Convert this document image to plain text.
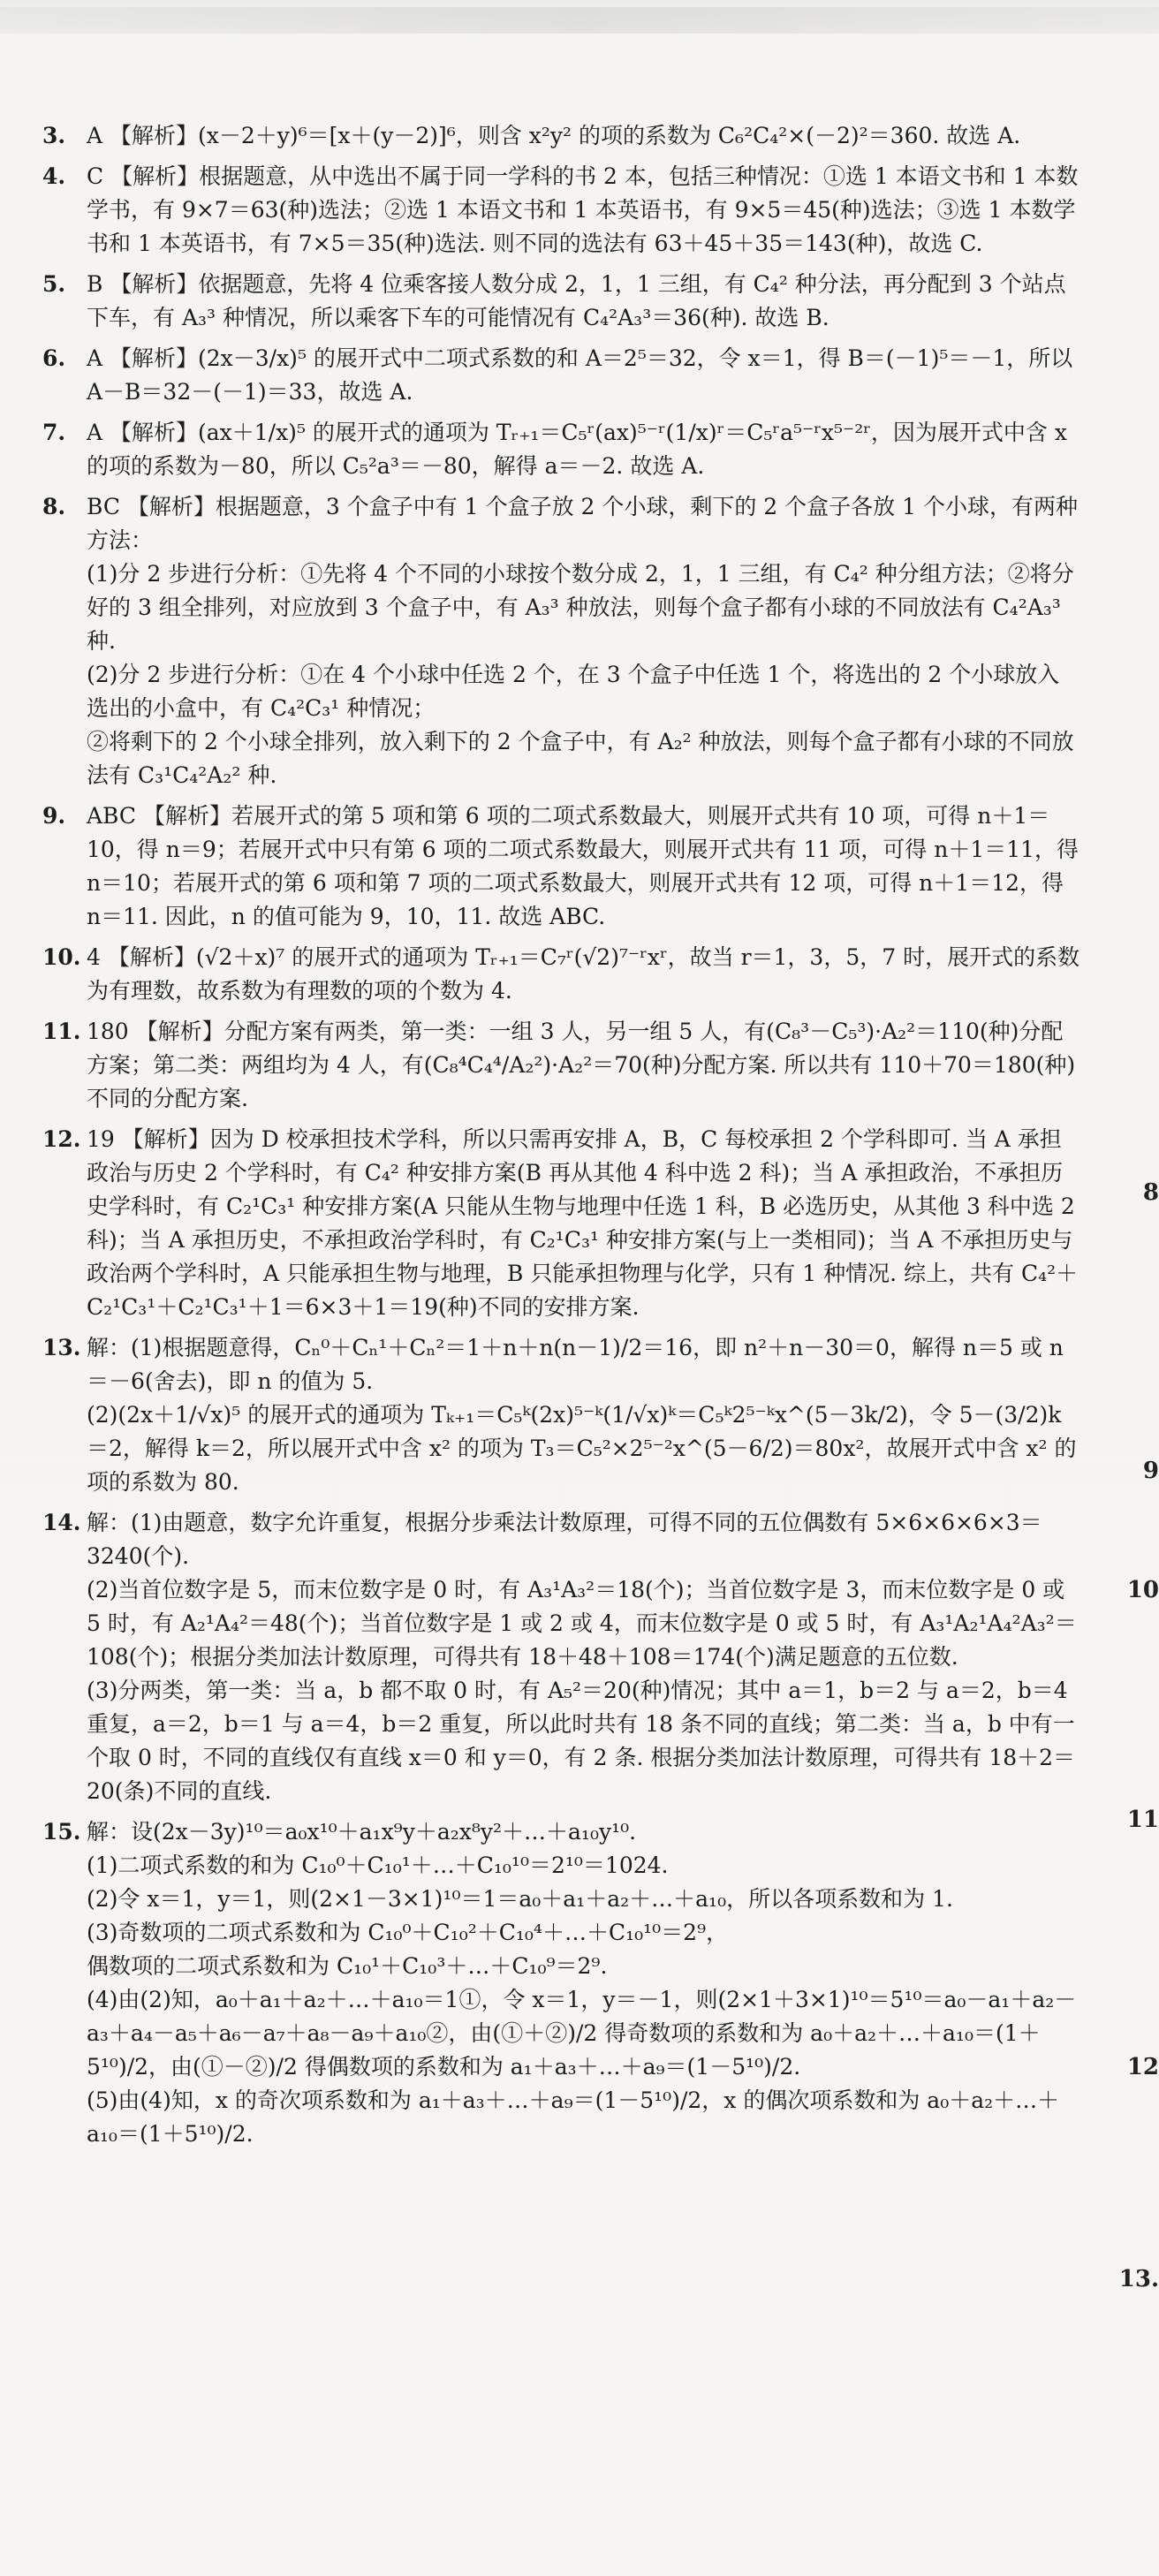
3. A 【解析】(x－2＋y)⁶＝[x＋(y－2)]⁶，则含 x²y² 的项的系数为 C₆²C₄²×(－2)²＝360. 故选 A.

4. C 【解析】根据题意，从中选出不属于同一学科的书 2 本，包括三种情况：①选 1 本语文书和 1 本数学书，有 9×7＝63(种)选法；②选 1 本语文书和 1 本英语书，有 9×5＝45(种)选法；③选 1 本数学书和 1 本英语书，有 7×5＝35(种)选法. 则不同的选法有 63＋45＋35＝143(种)，故选 C.

5. B 【解析】依据题意，先将 4 位乘客接人数分成 2，1，1 三组，有 C₄² 种分法，再分配到 3 个站点下车，有 A₃³ 种情况，所以乘客下车的可能情况有 C₄²A₃³＝36(种). 故选 B.

6. A 【解析】(2x－3/x)⁵ 的展开式中二项式系数的和 A＝2⁵＝32，令 x＝1，得 B＝(－1)⁵＝－1，所以 A－B＝32－(－1)＝33，故选 A.

7. A 【解析】(ax＋1/x)⁵ 的展开式的通项为 Tᵣ₊₁＝C₅ʳ(ax)⁵⁻ʳ(1/x)ʳ＝C₅ʳa⁵⁻ʳx⁵⁻²ʳ，因为展开式中含 x 的项的系数为－80，所以 C₅²a³＝－80，解得 a＝－2. 故选 A.

8. BC 【解析】根据题意，3 个盒子中有 1 个盒子放 2 个小球，剩下的 2 个盒子各放 1 个小球，有两种方法：

(1)分 2 步进行分析：①先将 4 个不同的小球按个数分成 2，1，1 三组，有 C₄² 种分组方法；②将分好的 3 组全排列，对应放到 3 个盒子中，有 A₃³ 种放法，则每个盒子都有小球的不同放法有 C₄²A₃³ 种.

(2)分 2 步进行分析：①在 4 个小球中任选 2 个，在 3 个盒子中任选 1 个，将选出的 2 个小球放入选出的小盒中，有 C₄²C₃¹ 种情况；

②将剩下的 2 个小球全排列，放入剩下的 2 个盒子中，有 A₂² 种放法，则每个盒子都有小球的不同放法有 C₃¹C₄²A₂² 种.

9. ABC 【解析】若展开式的第 5 项和第 6 项的二项式系数最大，则展开式共有 10 项，可得 n＋1＝10，得 n＝9；若展开式中只有第 6 项的二项式系数最大，则展开式共有 11 项，可得 n＋1＝11，得 n＝10；若展开式的第 6 项和第 7 项的二项式系数最大，则展开式共有 12 项，可得 n＋1＝12，得 n＝11. 因此，n 的值可能为 9，10，11. 故选 ABC.

10. 4 【解析】(√2＋x)⁷ 的展开式的通项为 Tᵣ₊₁＝C₇ʳ(√2)⁷⁻ʳxʳ，故当 r＝1，3，5，7 时，展开式的系数为有理数，故系数为有理数的项的个数为 4.

11. 180 【解析】分配方案有两类，第一类：一组 3 人，另一组 5 人，有(C₈³－C₅³)·A₂²＝110(种)分配方案；第二类：两组均为 4 人，有(C₈⁴C₄⁴/A₂²)·A₂²＝70(种)分配方案. 所以共有 110＋70＝180(种)不同的分配方案.

12. 19 【解析】因为 D 校承担技术学科，所以只需再安排 A，B，C 每校承担 2 个学科即可. 当 A 承担政治与历史 2 个学科时，有 C₄² 种安排方案(B 再从其他 4 科中选 2 科)；当 A 承担政治，不承担历史学科时，有 C₂¹C₃¹ 种安排方案(A 只能从生物与地理中任选 1 科，B 必选历史，从其他 3 科中选 2 科)；当 A 承担历史，不承担政治学科时，有 C₂¹C₃¹ 种安排方案(与上一类相同)；当 A 不承担历史与政治两个学科时，A 只能承担生物与地理，B 只能承担物理与化学，只有 1 种情况. 综上，共有 C₄²＋C₂¹C₃¹＋C₂¹C₃¹＋1＝6×3＋1＝19(种)不同的安排方案.

13. 解：(1)根据题意得，Cₙ⁰＋Cₙ¹＋Cₙ²＝1＋n＋n(n－1)/2＝16，即 n²＋n－30＝0，解得 n＝5 或 n＝－6(舍去)，即 n 的值为 5.

(2)(2x＋1/√x)⁵ 的展开式的通项为 Tₖ₊₁＝C₅ᵏ(2x)⁵⁻ᵏ(1/√x)ᵏ＝C₅ᵏ2⁵⁻ᵏx^(5－3k/2)，令 5－(3/2)k＝2，解得 k＝2，所以展开式中含 x² 的项为 T₃＝C₅²×2⁵⁻²x^(5－6/2)＝80x²，故展开式中含 x² 的项的系数为 80.

14. 解：(1)由题意，数字允许重复，根据分步乘法计数原理，可得不同的五位偶数有 5×6×6×6×3＝3240(个).

(2)当首位数字是 5，而末位数字是 0 时，有 A₃¹A₃²＝18(个)；当首位数字是 3，而末位数字是 0 或 5 时，有 A₂¹A₄²＝48(个)；当首位数字是 1 或 2 或 4，而末位数字是 0 或 5 时，有 A₃¹A₂¹A₄²A₃²＝108(个)；根据分类加法计数原理，可得共有 18＋48＋108＝174(个)满足题意的五位数.

(3)分两类，第一类：当 a，b 都不取 0 时，有 A₅²＝20(种)情况；其中 a＝1，b＝2 与 a＝2，b＝4 重复，a＝2，b＝1 与 a＝4，b＝2 重复，所以此时共有 18 条不同的直线；第二类：当 a，b 中有一个取 0 时，不同的直线仅有直线 x＝0 和 y＝0，有 2 条. 根据分类加法计数原理，可得共有 18＋2＝20(条)不同的直线.

15. 解：设(2x－3y)¹⁰＝a₀x¹⁰＋a₁x⁹y＋a₂x⁸y²＋…＋a₁₀y¹⁰.

(1)二项式系数的和为 C₁₀⁰＋C₁₀¹＋…＋C₁₀¹⁰＝2¹⁰＝1024.

(2)令 x＝1，y＝1，则(2×1－3×1)¹⁰＝1＝a₀＋a₁＋a₂＋…＋a₁₀，所以各项系数和为 1.

(3)奇数项的二项式系数和为 C₁₀⁰＋C₁₀²＋C₁₀⁴＋…＋C₁₀¹⁰＝2⁹，

偶数项的二项式系数和为 C₁₀¹＋C₁₀³＋…＋C₁₀⁹＝2⁹.

(4)由(2)知，a₀＋a₁＋a₂＋…＋a₁₀＝1①，令 x＝1，y＝－1，则(2×1＋3×1)¹⁰＝5¹⁰＝a₀－a₁＋a₂－a₃＋a₄－a₅＋a₆－a₇＋a₈－a₉＋a₁₀②，由(①＋②)/2 得奇数项的系数和为 a₀＋a₂＋…＋a₁₀＝(1＋5¹⁰)/2，由(①－②)/2 得偶数项的系数和为 a₁＋a₃＋…＋a₉＝(1－5¹⁰)/2.

(5)由(4)知，x 的奇次项系数和为 a₁＋a₃＋…＋a₉＝(1－5¹⁰)/2，x 的偶次项系数和为 a₀＋a₂＋…＋a₁₀＝(1＋5¹⁰)/2.

8
9
10
11
12
13.
